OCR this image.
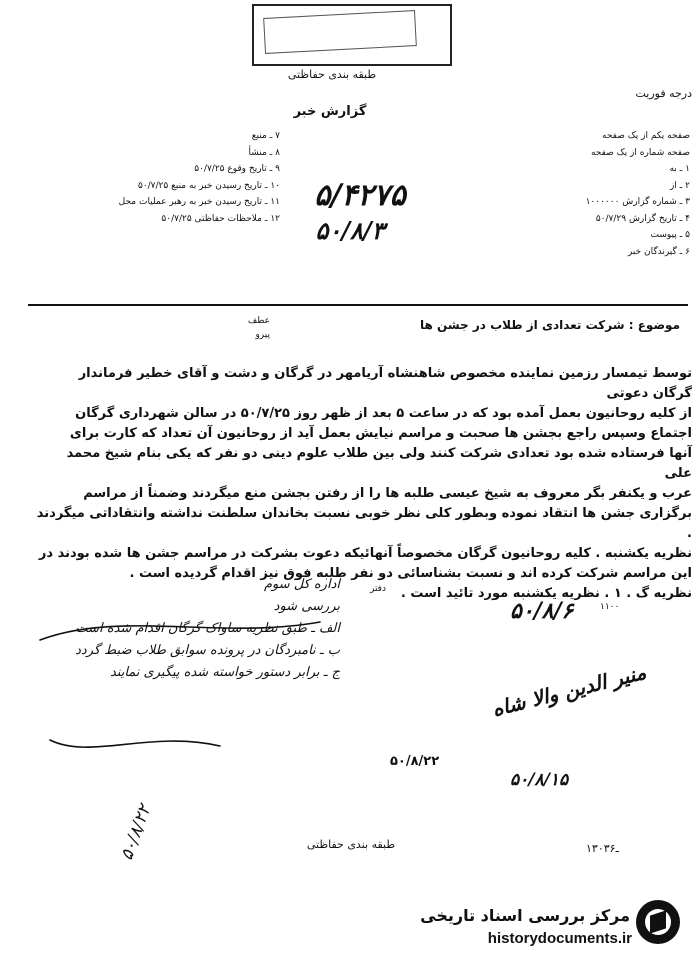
طبقه بندی حفاظتی
درجه فوریت
گزارش خبر
صفحه یکم از یک صفحه
صفحه شماره از یک صفحه
۱ ـ به
۲ ـ از
۳ ـ شماره گزارش ۱۰۰۰۰۰۰
۴ ـ تاریخ گزارش ۵۰/۷/۲۹
۵ ـ پیوست
۶ ـ گیرندگان خبر
۷ ـ منبع
۸ ـ منشأ
۹ ـ تاریخ وقوع ۵۰/۷/۲۵
۱۰ ـ تاریخ رسیدن خبر به منبع ۵۰/۷/۲۵
۱۱ ـ تاریخ رسیدن خبر به رهبر عملیات محل
۱۲ ـ ملاحظات حفاظتی ۵۰/۷/۲۵
۵/۴۲۷۵
۵۰/۸/۳
موضوع : شرکت تعدادی از طلاب در جشن ها
عطف
پیرو
توسط تیمسار رزمین نماینده مخصوص شاهنشاه آریامهر در گرگان و دشت و آقای خطیر فرماندار گرگان دعوتی
از کلیه روحانیون بعمل آمده بود که در ساعت ۵ بعد از ظهر روز ۵۰/۷/۲۵ در سالن شهرداری گرگان
اجتماع وسپس راجع بجشن ها صحبت و مراسم نیایش بعمل آید از روحانیون آن تعداد که کارت برای
آنها فرستاده شده بود تعدادی شرکت کنند ولی بین طلاب علوم دینی دو نفر که یکی بنام شیخ محمد علی
عرب و یکنفر بگر معروف به شیخ عیسی طلبه ها را از رفتن بجشن منع میگردند وضمناً از مراسم
برگزاری جشن ها انتقاد نموده وبطور کلی نظر خوبی نسبت بخاندان سلطنت نداشته وانتقاداتی میگردند .
نظریه یکشنبه . کلیه روحانیون گرگان مخصوصاً آنهائیکه دعوت بشرکت در مراسم جشن ها شده بودند در
این مراسم شرکت کرده اند و نسبت بشناسائی دو نفر طلبه فوق نیز اقدام گردیده است .
نظریه گ . ۱ . نظریه یکشنبه مورد تائید است .
دفتر
۱۱۰۰
۵۰/۸/۶
اداره کل سوم
بررسی شود
الف ـ طبق نظریه ساواک گرگان اقدام شده است
ب ـ نامبردگان در پرونده سوابق طلاب ضبط گردد
ج ـ برابر دستور خواسته شده پیگیری نمایند	منیر الدین والا شاه
۵۰/۸/۲۲
۵۰/۸/۱۵
۵۰/۸/۲۲	طبقه بندی حفاظتی	۱۳۰ـ۳۶
مرکز بررسی اسناد تاریخی
historydocuments.ir
